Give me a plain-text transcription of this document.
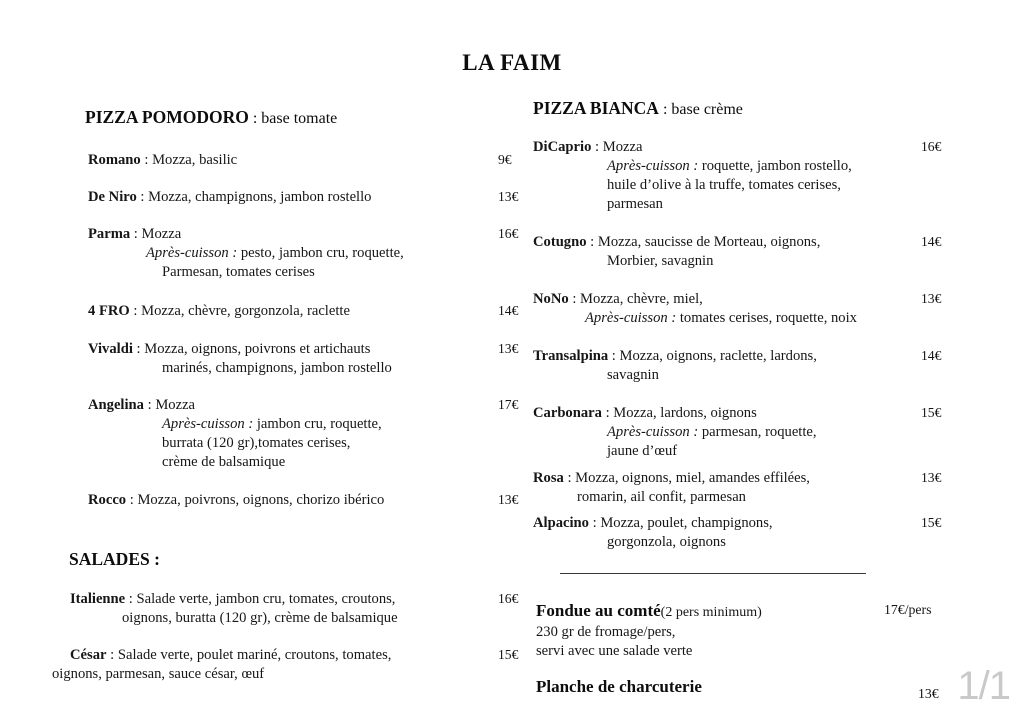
LA FAIM
PIZZA POMODORO : base tomate
Romano : Mozza, basilic	9€
De Niro : Mozza, champignons, jambon rostello	13€
Parma : Mozza
Après-cuisson : pesto, jambon cru, roquette,
Parmesan, tomates cerises
16€
4 FRO : Mozza, chèvre, gorgonzola, raclette	14€
Vivaldi : Mozza, oignons, poivrons et artichauts
marinés, champignons, jambon rostello
13€
Angelina : Mozza
Après-cuisson : jambon cru, roquette,
burrata (120 gr),tomates cerises,
crème de balsamique
17€
Rocco : Mozza, poivrons, oignons, chorizo ibérico	13€
SALADES :
Italienne : Salade verte, jambon cru, tomates, croutons,
oignons, buratta (120 gr), crème de balsamique
16€
César : Salade verte, poulet mariné, croutons, tomates,
oignons, parmesan, sauce césar, œuf
15€
PIZZA BIANCA : base crème
DiCaprio : Mozza
Après-cuisson : roquette, jambon rostello,
huile d’olive à la truffe, tomates cerises,
parmesan
16€
Cotugno : Mozza, saucisse de Morteau, oignons,
Morbier, savagnin
14€
NoNo : Mozza, chèvre, miel,
Après-cuisson : tomates cerises, roquette, noix
13€
Transalpina : Mozza, oignons, raclette, lardons,
savagnin
14€
Carbonara : Mozza, lardons, oignons
Après-cuisson : parmesan, roquette,
jaune d’œuf
15€
Rosa : Mozza, oignons, miel, amandes effilées,
romarin, ail confit, parmesan
13€
Alpacino : Mozza, poulet, champignons,
gorgonzola, oignons
15€
Fondue au comté(2 pers minimum)
230 gr de fromage/pers,
servi avec une salade verte
17€/pers
Planche de charcuterie	13€ 1/1
